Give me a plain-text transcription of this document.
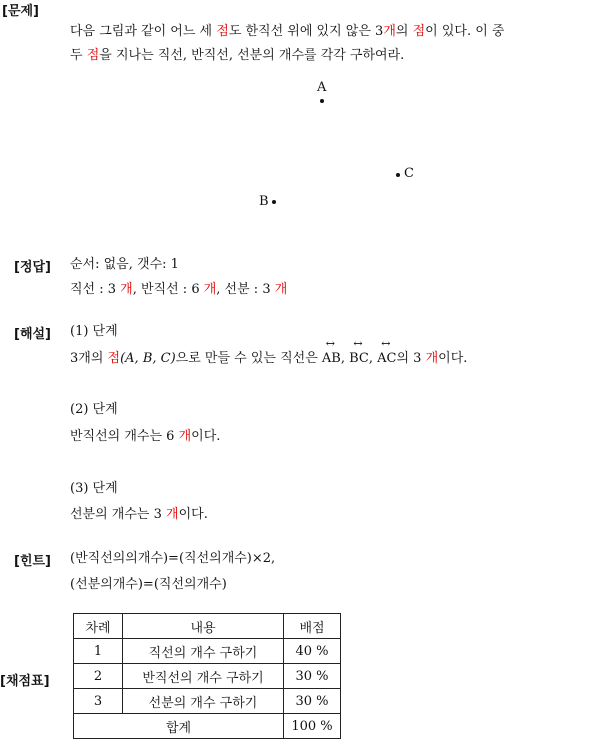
[문제]
다음 그림과 같이 어느 세 점도 한직선 위에 있지 않은 3개의 점이 있다. 이 중
두 점을 지나는 직선, 반직선, 선분의 개수를 각각 구하여라.
A
C
B
[정답] 순서: 없음, 갯수: 1
직선 : 3 개, 반직선 : 6 개, 선분 : 3 개
[해설] (1) 단계
3개의 점(A, B, C)으로 만들 수 있는 직선은 ↔ AB, ↔ BC, ↔ AC의 3 개이다.
(2) 단계
반직선의 개수는 6 개이다.
(3) 단계
선분의 개수는 3 개이다.
[힌트] (반직선의의개수)=(직선의개수)×2,
(선분의개수)=(직선의개수)
[채점표]
차례	내용	배점
1	직선의 개수 구하기	40 %
2	반직선의 개수 구하기	30 %
3	선분의 개수 구하기	30 %
합계		100 %
